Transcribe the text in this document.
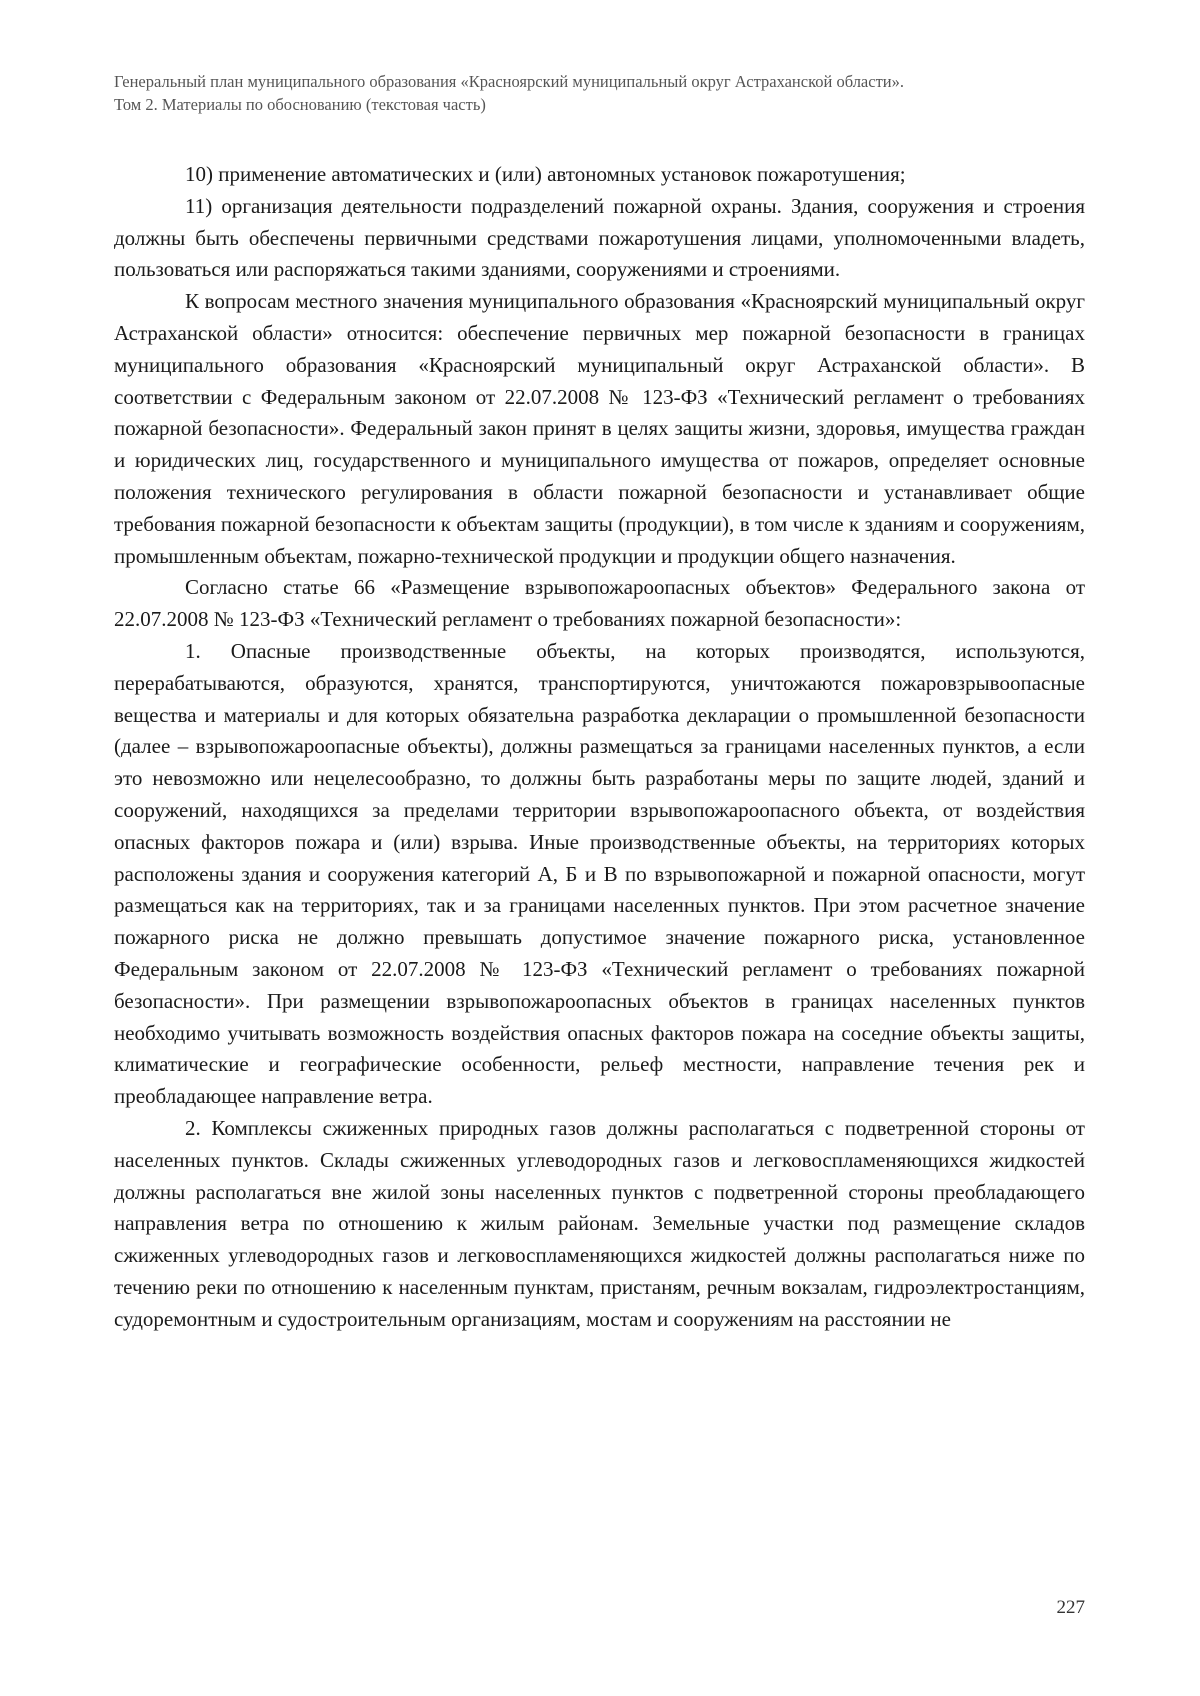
Генеральный план муниципального образования «Красноярский муниципальный округ Астраханской области».
Том 2. Материалы по обоснованию (текстовая часть)

10) применение автоматических и (или) автономных установок пожаротушения;

11) организация деятельности подразделений пожарной охраны. Здания, сооружения и строения должны быть обеспечены первичными средствами пожаротушения лицами, уполномоченными владеть, пользоваться или распоряжаться такими зданиями, сооружениями и строениями.

К вопросам местного значения муниципального образования «Красноярский муниципальный округ Астраханской области» относится: обеспечение первичных мер пожарной безопасности в границах муниципального образования «Красноярский муниципальный округ Астраханской области». В соответствии с Федеральным законом от 22.07.2008 № 123-ФЗ «Технический регламент о требованиях пожарной безопасности». Федеральный закон принят в целях защиты жизни, здоровья, имущества граждан и юридических лиц, государственного и муниципального имущества от пожаров, определяет основные положения технического регулирования в области пожарной безопасности и устанавливает общие требования пожарной безопасности к объектам защиты (продукции), в том числе к зданиям и сооружениям, промышленным объектам, пожарно-технической продукции и продукции общего назначения.

Согласно статье 66 «Размещение взрывопожароопасных объектов» Федерального закона от 22.07.2008 № 123-ФЗ «Технический регламент о требованиях пожарной безопасности»:

1. Опасные производственные объекты, на которых производятся, используются, перерабатываются, образуются, хранятся, транспортируются, уничтожаются пожаровзрывоопасные вещества и материалы и для которых обязательна разработка декларации о промышленной безопасности (далее – взрывопожароопасные объекты), должны размещаться за границами населенных пунктов, а если это невозможно или нецелесообразно, то должны быть разработаны меры по защите людей, зданий и сооружений, находящихся за пределами территории взрывопожароопасного объекта, от воздействия опасных факторов пожара и (или) взрыва. Иные производственные объекты, на территориях которых расположены здания и сооружения категорий А, Б и В по взрывопожарной и пожарной опасности, могут размещаться как на территориях, так и за границами населенных пунктов. При этом расчетное значение пожарного риска не должно превышать допустимое значение пожарного риска, установленное Федеральным законом от 22.07.2008 № 123-ФЗ «Технический регламент о требованиях пожарной безопасности». При размещении взрывопожароопасных объектов в границах населенных пунктов необходимо учитывать возможность воздействия опасных факторов пожара на соседние объекты защиты, климатические и географические особенности, рельеф местности, направление течения рек и преобладающее направление ветра.

2. Комплексы сжиженных природных газов должны располагаться с подветренной стороны от населенных пунктов. Склады сжиженных углеводородных газов и легковоспламеняющихся жидкостей должны располагаться вне жилой зоны населенных пунктов с подветренной стороны преобладающего направления ветра по отношению к жилым районам. Земельные участки под размещение складов сжиженных углеводородных газов и легковоспламеняющихся жидкостей должны располагаться ниже по течению реки по отношению к населенным пунктам, пристаням, речным вокзалам, гидроэлектростанциям, судоремонтным и судостроительным организациям, мостам и сооружениям на расстоянии не

227
